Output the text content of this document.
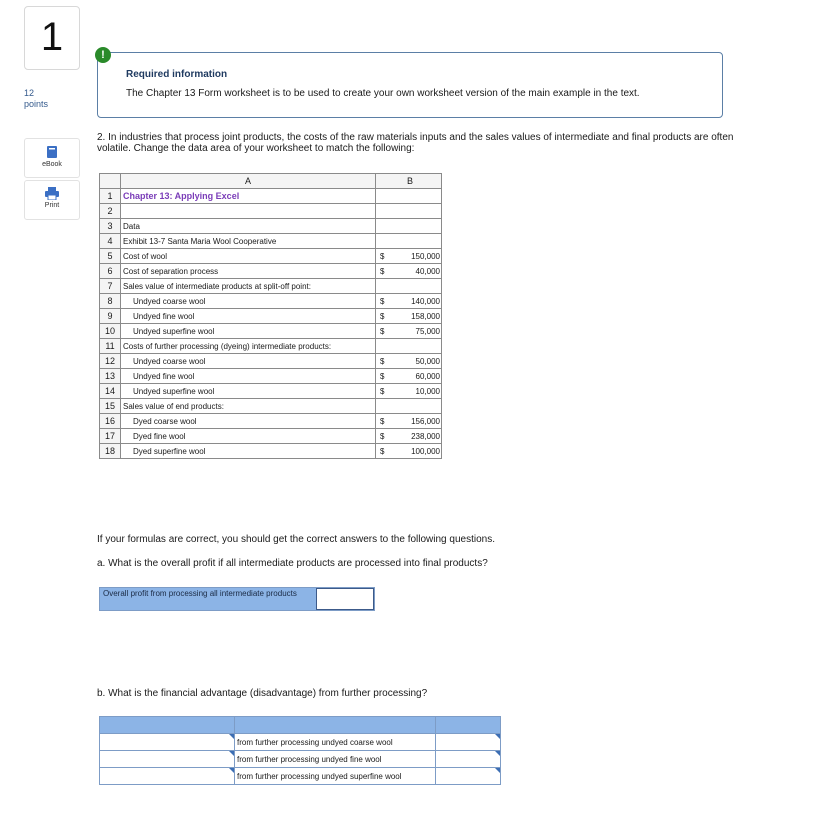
1
12
points
eBook
Print
!
Required information
The Chapter 13 Form worksheet is to be used to create your own worksheet version of the main example in the text.
2. In industries that process joint products, the costs of the raw materials inputs and the sales values of intermediate and final products are often volatile. Change the data area of your worksheet to match the following:
	A	B
1	Chapter 13: Applying Excel	

2		

3	Data	

4	Exhibit 13-7 Santa Maria Wool Cooperative	

5	Cost of wool	$ 150,000

6	Cost of separation process	$ 40,000

7	Sales value of intermediate products at split-off point:	

8	Undyed coarse wool	$ 140,000

9	Undyed fine wool	$ 158,000

10	Undyed superfine wool	$ 75,000

11	Costs of further processing (dyeing) intermediate products:	

12	Undyed coarse wool	$ 50,000

13	Undyed fine wool	$ 60,000

14	Undyed superfine wool	$ 10,000

15	Sales value of end products:	

16	Dyed coarse wool	$ 156,000

17	Dyed fine wool	$ 238,000

18	Dyed superfine wool	$ 100,000
If your formulas are correct, you should get the correct answers to the following questions.
a. What is the overall profit if all intermediate products are processed into final products?
Overall profit from processing all intermediate products
b. What is the financial advantage (disadvantage) from further processing?

	from further processing undyed coarse wool	
	from further processing undyed fine wool	
	from further processing undyed superfine wool	
